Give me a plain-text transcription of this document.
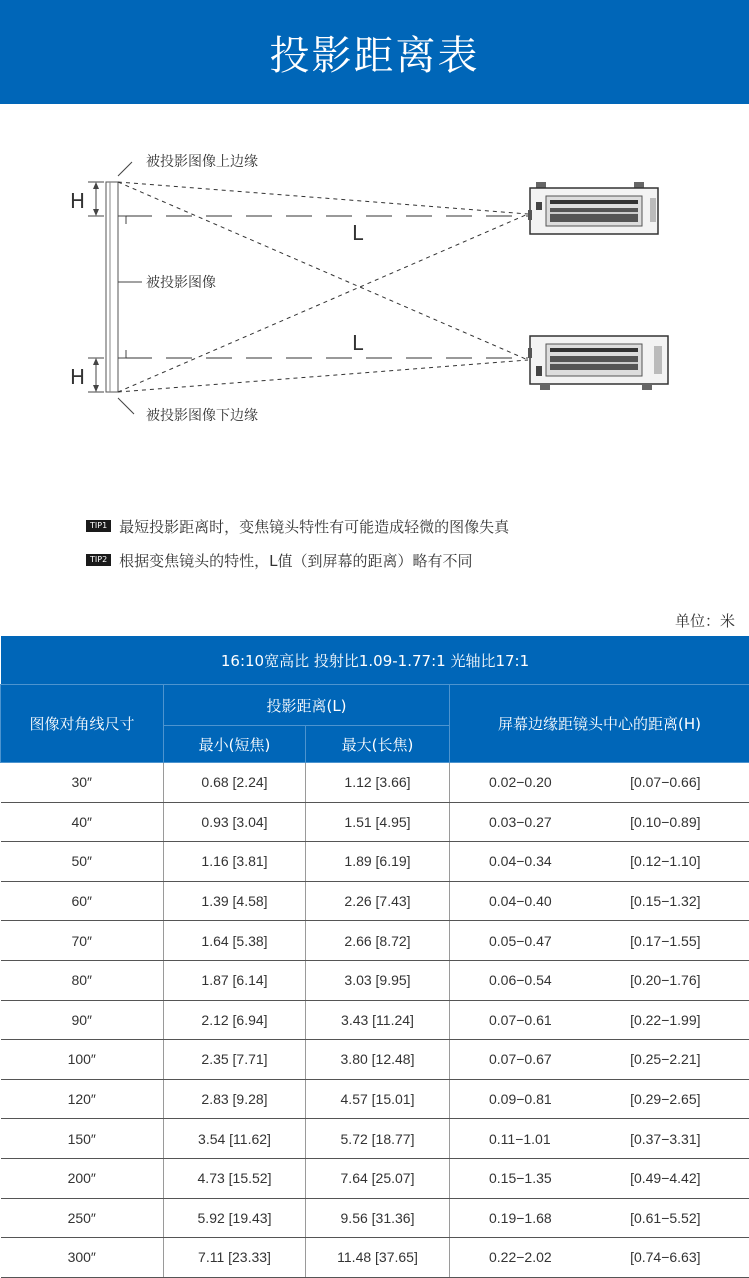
投影距离表
H
H
L
L
被投影图像上边缘
被投影图像
被投影图像下边缘
TIP1 最短投影距离时，变焦镜头特性有可能造成轻微的图像失真
TIP2 根据变焦镜头的特性，L值（到屏幕的距离）略有不同
单位：米
16:10宽高比 投射比1.09-1.77:1 光轴比17:1			
图像对角线尺寸	投影距离(L)		屏幕边缘距镜头中心的距离(H)
	最小(短焦)	最大(长焦)	
30″	0.68 [2.24]	1.12 [3.66]	0.02−0.20 [0.07−0.66]

40″	0.93 [3.04]	1.51 [4.95]	0.03−0.27 [0.10−0.89]

50″	1.16 [3.81]	1.89 [6.19]	0.04−0.34 [0.12−1.10]

60″	1.39 [4.58]	2.26 [7.43]	0.04−0.40 [0.15−1.32]

70″	1.64 [5.38]	2.66 [8.72]	0.05−0.47 [0.17−1.55]

80″	1.87 [6.14]	3.03 [9.95]	0.06−0.54 [0.20−1.76]

90″	2.12 [6.94]	3.43 [11.24]	0.07−0.61 [0.22−1.99]

100″	2.35 [7.71]	3.80 [12.48]	0.07−0.67 [0.25−2.21]

120″	2.83 [9.28]	4.57 [15.01]	0.09−0.81 [0.29−2.65]

150″	3.54 [11.62]	5.72 [18.77]	0.11−1.01 [0.37−3.31]

200″	4.73 [15.52]	7.64 [25.07]	0.15−1.35 [0.49−4.42]

250″	5.92 [19.43]	9.56 [31.36]	0.19−1.68 [0.61−5.52]

300″	7.11 [23.33]	11.48 [37.65]	0.22−2.02 [0.74−6.63]
